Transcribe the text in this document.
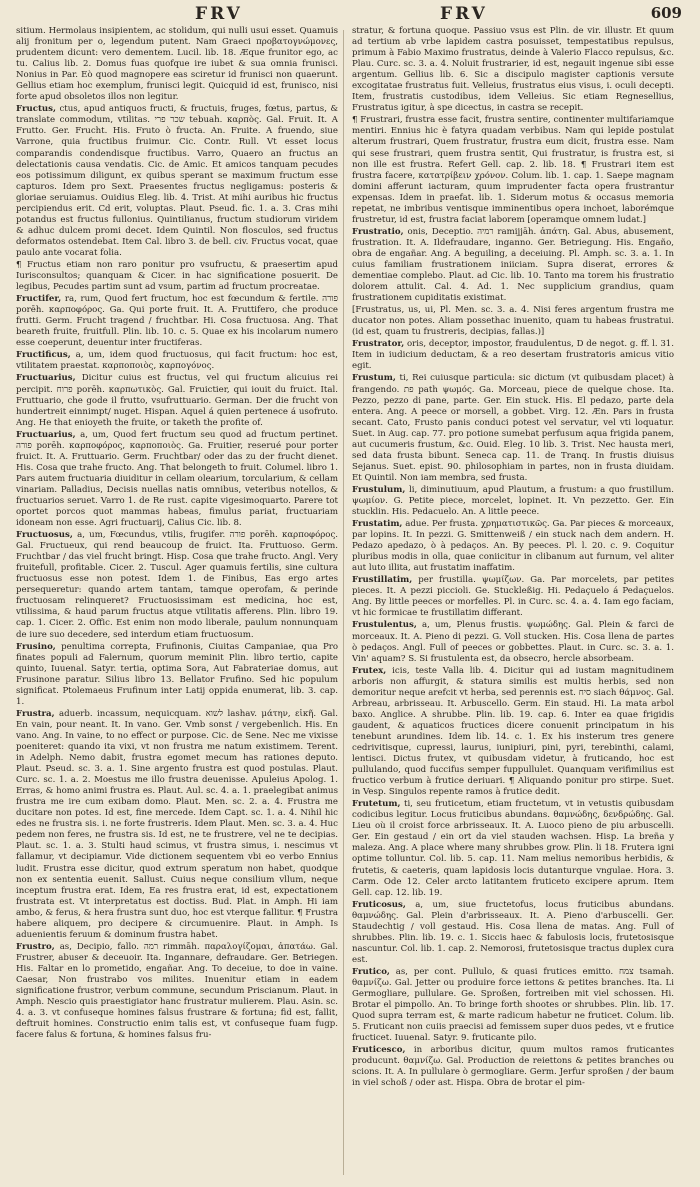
FRV	FRV	609

sitium. Hermolaus insipientem, ac stolidum, qui nulli usui esset. Quamuis alij fronitum per o, legendum putent. Nam Graeci προβατογνώμονες, prudentem dicunt: vero dementem. Lucil. lib. 18. Æque frunitor ego, ac tu. Calius lib. 2. Domus fuas quofque ire iubet & sua omnia frunisci. Nonius in Par. Eò quod magnopere eas sciretur id frunisci non quaerunt. Gellius etiam hoc exemplum, frunisci legit. Quicquid id est, frunisco, nisi forte apud obsoletos illos non legitur.

Fructus, ctus, apud antiquos fructi, & fructuis, fruges, fœtus, partus, & translate commodum, vtilitas. שכר פרי tebuah. καρπὸς. Gal. Fruit. It. A Frutto. Ger. Frucht. His. Fruto ò fructa. An. Fruite. A fruendo, siue Varrone, quia fructibus fruimur. Cic. Contr. Rull. Vt esset locus comparandis condendisque fructibus. Varro, Quaero an fructus an delectationis causa vendatis. Cic. de Amic. Et amicos tanquam pecudes eos potissimum diligunt, ex quibus sperant se maximum fructum esse capturos. Idem pro Sext. Praesentes fructus negligamus: posteris & gloriae seruiamus. Ouidius Eleg. lib. 4. Trist. At mihi auribus hic fructus percipiendus erit. Cd erit, voluptas. Plaut. Pseud. fic. 1. a. 3. Cras mihi potandus est fructus fullonius. Quintilianus, fructum studiorum viridem & adhuc dulcem promi decet. Idem Quintil. Non flosculos, sed fructus deformatos ostendebat. Item Cal. libro 3. de bell. civ. Fructus vocat, quae paulo ante vocarat folia.

¶ Fructus etiam non raro ponitur pro vsufructu, & praesertim apud Iurisconsultos; quanquam & Cicer. in hac significatione posuerit. De legibus, Pecudes partim sunt ad vsum, partim ad fructum procreatae.

Fructifer, ra, rum, Quod fert fructum, hoc est fœcundum & fertile. פורה porēh. καρποφόρος. Ga. Qui porte fruit. It. A. Fruttifero, che produce frutti. Germ. Frucht tragend / fruchtbar. Hi. Cosa fructuosa. Ang. That beareth fruite, fruitfull. Plin. lib. 10. c. 5. Quae ex his incolarum numero esse coeperunt, deuentur inter fructiferas.

Fructificus, a, um, idem quod fructuosus, qui facit fructum: hoc est, vtilitatem praestat. καρποποιὸς, καρπογόνος.

Fructuarius, Dicitur cuius est fructus, vel qui fructum alicuius rei percipit. פרוח porēh. καρπωτικὸς. Gal. Fruictier, qui iouit du fruict. Ital. Fruttuario, che gode il frutto, vsufruttuario. German. Der die frucht von hundertreit einnimpt/ nuget. Hispan. Aquel á quien pertenece á usofruto. Ang. He that enioyeth the fruite, or taketh the profite of.

Fructuarius, a, um, Quod fert fructum seu quod ad fructum pertinet. פורה porēh. καρποφόρος, καρποποιὸς. Ga. Fruitier, reserué pour porter fruict. It. A. Fruttuario. Germ. Fruchtbar/ oder das zu der frucht dienet. His. Cosa que trahe fructo. Ang. That belongeth to fruit. Columel. libro 1. Pars autem fructuaria diuiditur in cellam olearium, torcularium, & cellam vinariam. Palladius, Decisis nuellas natis omnibus, veteribus notellos, & fructuarios seruet. Varro 1. de Re rust. capite vigesimoquarto. Parere tot oportet porcos quot mammas habeas, fimulus pariat, fructuariam idoneam non esse. Agri fructuarij, Calius Cic. lib. 8.

Fructuosus, a, um, Fœcundus, vtilis, frugifer. פורה porēh. καρποφόρος. Gal. Fructueux, qui rend beaucoup de fruict. Ita. Fruttuoso. Germ. Fruchtbar / das viel frucht bringt. Hisp. Cosa que trahe fructo. Angl. Very fruitefull, profitable. Cicer. 2. Tuscul. Ager quamuis fertilis, sine cultura fructuosus esse non potest. Idem 1. de Finibus, Eas ergo artes persequeretur: quando artem tantam, tamque operofam, & perinde fructuosam relinqueret? Fructuosissimam est medicina, hoc est, vtilissima, & haud parum fructus atque vtilitatis afferens. Plin. libro 19. cap. 1. Cicer. 2. Offic. Est enim non modo liberale, paulum nonnunquam de iure suo decedere, sed interdum etiam fructuosum.

Frusino, penultima correpta, Frufinonis, Ciuitas Campaniae, qua Pro finates populi ad Falernum, quorum meminit Plin. libro tertio, capite quinto, Iuuenal. Satyr. tertia, optima Sora, Aut Fabrateriae domus, aut Frusinone paratur. Silius libro 13. Bellator Frufino. Sed hic populum significat. Ptolemaeus Frufinum inter Latij oppida enumerat, lib. 3. cap. 1.

Frustra, aduerb. incassum, nequicquam. לשוא lashav. μάτην, εἰκῆ. Gal. En vain, pour neant. It. In vano. Ger. Vmb sonst / vergebenlich. His. En vano. Ang. In vaine, to no effect or purpose. Cic. de Sene. Nec me vixisse poeniteret: quando ita vixi, vt non frustra me natum existimem. Terent. in Adelph. Nemo dabit, frustra egomet mecum has rationes deputo. Plaut. Pseud. sc. 3. a. 1. Sine argento frustra est quod postulas. Plaut. Curc. sc. 1. a. 2. Moestus me illo frustra deuenisse. Apuleius Apolog. 1. Erras, & homo animi frustra es. Plaut. Aul. sc. 4. a. 1. praelegibat animus frustra me ire cum exibam domo. Plaut. Men. sc. 2. a. 4. Frustra me ducitare non potes. Id est, fine mercede. Idem Capt. sc. 1. a. 4. Nihil hic edes ne frustra sis. i. ne forte frustreris. Idem Plaut. Men. sc. 3. a. 4. Huc pedem non feres, ne frustra sis. Id est, ne te frustrere, vel ne te decipias. Plaut. sc. 1. a. 3. Stulti haud scimus, vt frustra simus, i. nescimus vt fallamur, vt decipiamur. Vide dictionem sequentem vbi eo verbo Ennius ludit. Frustra esse dicitur, quod extrum speratum non habet, quodque non ex sententia euenit. Sallust. Cuius neque consilium vllum, neque inceptum frustra erat. Idem, Ea res frustra erat, id est, expectationem frustrata est. Vt interpretatus est doctiss. Bud. Plat. in Amph. Hi iam ambo, & ferus, & hera frustra sunt duo, hoc est vterque fallitur. ¶ Frustra habere aliquem, pro decipere & circumuenire. Plaut. in Amph. Is aduenientis feruum & dominum frustra habet.

Frustro, as, Decipio, fallo. רמה rimmāh. παραλογίζομαι, ἀπατάω. Gal. Frustrer, abuser & deceuoir. Ita. Ingannare, defraudare. Ger. Betriegen. His. Faltar en lo prometido, engañar. Ang. To deceiue, to doe in vaine. Caesar, Non frustrabo vos milites. Inuenitur etiam in eadem significatione frustror, verbum commune, secundum Priscianum. Plaut. in Amph. Nescio quis praestigiator hanc frustratur mulierem. Plau. Asin. sc. 4. a. 3. vt confuseque homines falsus frustrare & fortuna; fid est, fallit, deftruit homines. Constructio enim talis est, vt confuseque fuam fugp. facere falus & fortuna, & homines falsus fru-

stratur, & fortuna quoque. Passiuo vsus est Plin. de vir. illustr. Et quum ad tertium ab vrbe lapidem castra posuisset, tempestatibus repulsus, primum à Fabio Maximo frustratus, deinde à Valerio Flacco repulsus, &c. Plau. Curc. sc. 3. a. 4. Noluit frustrarier, id est, negauit ingenue sibi esse argentum. Gellius lib. 6. Sic a discipulo magister captionis versute excogitatae frustratus fuit. Velleius, frustratus eius visus, i. oculi decepti. Item, frustratis custodibus, idem Velleius. Sic etiam Regnesellius, Frustratus igitur, à spe dicectus, in castra se recepit.

¶ Frustrari, frustra esse facit, frustra sentire, continenter multifariamque mentiri. Ennius hic è fatyra quadam verbibus. Nam qui lepide postulat alterum frustrari, Quem frustratur, frustra eum dicit, frustra esse. Nam qui sese frustrari, quem frustra sentit, Qui frustratur, is frustra est, si non ille est frustra. Refert Gell. cap. 2. lib. 18. ¶ Frustrari item est frustra facere, κατατρίβειν χρόνον. Colum. lib. 1. cap. 1. Saepe magnam domini afferunt iacturam, quum imprudenter facta opera frustrantur expensas. Idem in praefat. lib. 1. Siderum motus & occasus memoria repetat, ne imbribus ventisque imminentibus opera inchoet, laborémque frustretur, id est, frustra faciat laborem [operamque omnem ludat.]

Frustratio, onis, Deceptio. רמיה ramijjāh. ἀπάτη. Gal. Abus, abusement, frustration. It. A. Ildefraudare, inganno. Ger. Betriegung. His. Engaño, obra de engañar. Ang. A beguiling, a deceiuing. Pl. Amph. sc. 3. a. 1. In cuius familiam frustrationem iniiciam. Supra diserat, errores & dementiae complebo. Plaut. ad Cic. lib. 10. Tanto ma torem his frustratio dolorem attulit. Cal. 4. Ad. 1. Nec supplicium grandius, quam frustrationem cupiditatis existimat.

[Frustratus, us, ui, Pl. Men. sc. 3. a. 4. Nisi feres argentum frustra me ducator non potes. Aliam possethac inuenito, quam tu habeas frustratui. (id est, quam tu frustreris, decipias, fallas.)]

Frustrator, oris, deceptor, impostor, fraudulentus, D de negot. g. ff. l. 31. Item in iudicium deductam, & a reo desertam frustratoris amicus vitio egit.

Frustum, ti, Rei cuiusque particula: sic dictum (vt quibusdam placet) à frangendo. פת path ψωμός. Ga. Morceau, piece de quelque chose. Ita. Pezzo, pezzo di pane, parte. Ger. Ein stuck. His. El pedazo, parte dela entera. Ang. A peece or morsell, a gobbet. Virg. 12. Æn. Pars in frusta secant. Cato, Frusto panis conduci potest vel servatur, vel vti loquatur. Suet. in Aug. cap. 77. pro potione sumebat perfusum aqua frigida panem, aut cucumeris frustum, &c. Ouid. Eleg. 10 lib. 3. Trist. Nec hausta meri, sed data frusta bibunt. Seneca cap. 11. de Tranq. In frustis diuisus Sejanus. Suet. epist. 90. philosophiam in partes, non in frusta diuidam. Et Quintil. Non iam membra, sed frusta.

Frustulum, li, diminutiuum, apud Plautum, a frustum: a quo frustillum. ψωμίον. G. Petite piece, morcelet, lopinet. It. Vn pezzetto. Ger. Ein stucklin. His. Pedacuelo. An. A little peece.

Frustatim, adue. Per frusta. χρηματιστικῶς. Ga. Par pieces & morceaux, par lopins. It. In pezzi. G. Smittenweiß / ein stuck nach dem andern. H. Pedazo apedazo, ò à pedaços. An. By peeces. Pl. l. 20. c. 9. Coquitur pluribus modis in olla, quae coniicitur in clibanum aut furnum, vel aliter aut luto illita, aut frustatim inaffatim.

Frustillatim, per frustilla. ψωμίζων. Ga. Par morcelets, par petites pieces. It. A pezzi piccioli. Ge. Stuckleßig. Hi. Pedaçuelo á Pedaçuelos. Ang. By little peeces or morfelles. Pl. in Curc. sc. 4. a. 4. Iam ego faciam, vt hic formicae te frustillatim differant.

Frustulentus, a, um, Plenus frustis. ψωμώδης. Gal. Plein & farci de morceaux. It. A. Pieno di pezzi. G. Voll stucken. His. Cosa llena de partes ò pedaços. Angl. Full of peeces or gobbettes. Plaut. in Curc. sc. 3. a. 1. Vin' aquam? S. Si frustulenta est, da obsecro, hercle absorbeam.

Frutex, icis, teste Valla lib. 4. Dicitur qui ad iustam magnitudinem arboris non affurgit, & statura similis est multis herbis, sed non demoritur neque arefcit vt herba, sed perennis est. סיח siach θάμνος. Gal. Arbreau, arbrisseau. It. Arbuscello. Germ. Ein staud. Hi. La mata arbol baxo. Anglice. A shrubbe. Plin. lib. 19. cap. 6. Inter ea quae frigidis gaudent, & aquaticos fructices dicere conuenit principatum in his tenebunt arundines. Idem lib. 14. c. 1. Ex his insterum tres genere cedrivitisque, cupressi, laurus, iunipiuri, pini, pyri, terebinthi, calami, lentisci. Dictus frutex, vt quibusdam videtur, à fruticando, hoc est pullulando, quod fuccifus semper fuppullulet. Quanquam verifimilius est fructico verbum à frutice deriuari. ¶ Aliquando ponitur pro stirpe. Suet. in Vesp. Singulos repente ramos à frutice dedit.

Frutetum, ti, seu fruticetum, etiam fructetum, vt in vetustis quibusdam codicibus legitur. Locus fruticibus abundans. θαμνώδης, δενδρώδης. Gal. Lieu où il croist force arbrisseaux. It. A. Luoco pieno de piu arbuscelli. Ger. Ein gestaud / ein ort da viel stauden wachsen. Hisp. La breña y maleza. Ang. A place where many shrubbes grow. Plin. li 18. Frutera igni optime tolluntur. Col. lib. 5. cap. 11. Nam melius nemoribus herbidis, & frutetis, & caeteris, quam lapidosis locis dutanturque vngulae. Hora. 3. Carm. Ode 12. Celer arcto latitantem fruticeto excipere aprum. Item Gell. cap. 12. lib. 19.

Fruticosus, a, um, siue fructetofus, locus fruticibus abundans. θαμνώδης. Gal. Plein d'arbrisseaux. It. A. Pieno d'arbuscelli. Ger. Staudechtig / voll gestaud. His. Cosa llena de matas. Ang. Full of shrubbes. Plin. lib. 19. c. 1. Siccis haec & fabulosis locis, frutetosisque nascuntur. Col. lib. 1. cap. 2. Nemorosi, frutetosisque tractus duplex cura est.

Frutico, as, per cont. Pullulo, & quasi frutices emitto. צמח tsamah. θαμνίζω. Gal. Jetter ou produire force iettons & petites branches. Ita. Li Germogliare, pullulare. Ge. Sproßen, fortreiben mit viel schossen. Hi. Brotar el pimpollo. An. To bringe forth shootes or shrubbes. Plin. lib. 17. Quod supra terram est, & marte radicum habetur ne fruticet. Colum. lib. 5. Fruticant non cuiis praecisi ad femissem super duos pedes, vt e frutice fructicet. Iuuenal. Satyr. 9. fruticante pilo.

Fruticesco, in arboribus dicitur, quum multos ramos fruticantes producunt. θαμνίζω. Gal. Production de reiettons & petites branches ou scions. It. A. In pullulare ò germogliare. Germ. Jerfur sproßen / der baum in viel schoß / oder ast. Hispa. Obra de brotar el pim-
